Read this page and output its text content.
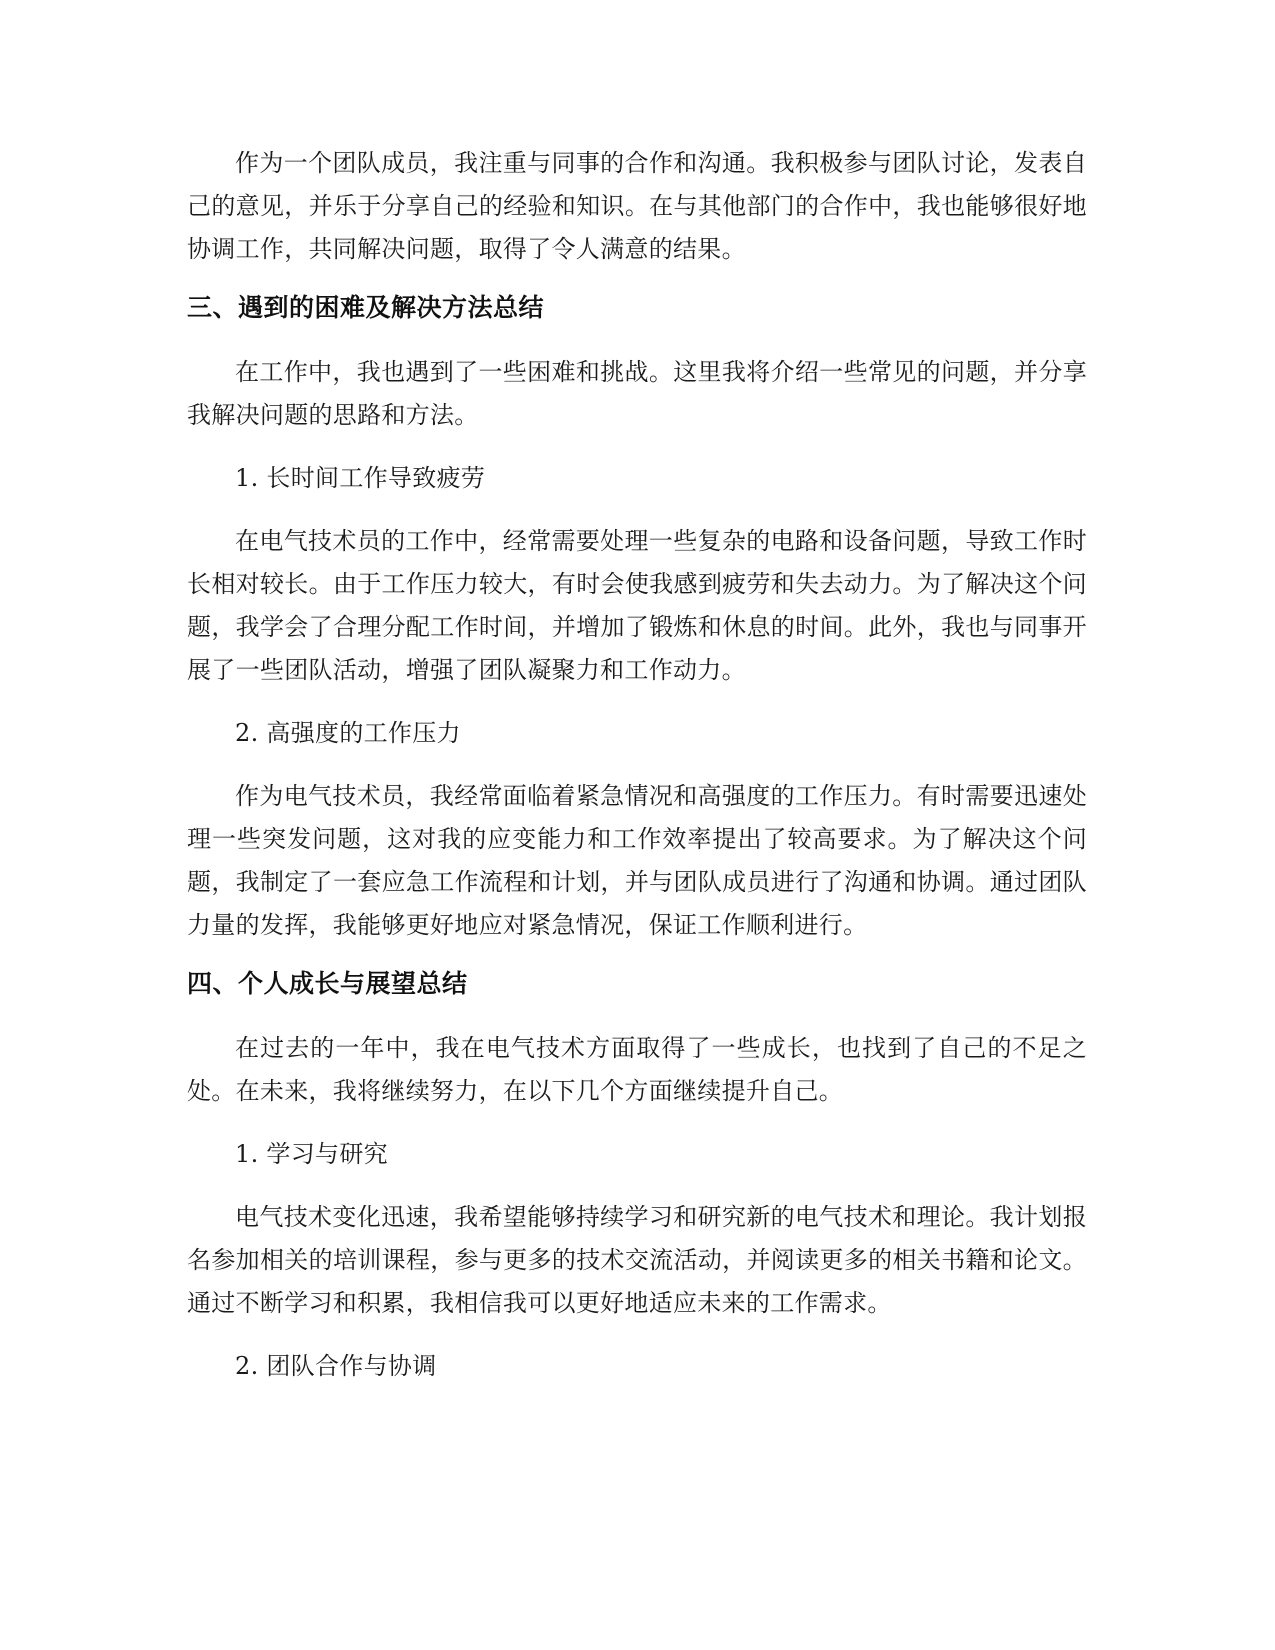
作为一个团队成员，我注重与同事的合作和沟通。我积极参与团队讨论，发表自己的意见，并乐于分享自己的经验和知识。在与其他部门的合作中，我也能够很好地协调工作，共同解决问题，取得了令人满意的结果。

三、遇到的困难及解决方法总结

在工作中，我也遇到了一些困难和挑战。这里我将介绍一些常见的问题，并分享我解决问题的思路和方法。

1. 长时间工作导致疲劳

在电气技术员的工作中，经常需要处理一些复杂的电路和设备问题，导致工作时长相对较长。由于工作压力较大，有时会使我感到疲劳和失去动力。为了解决这个问题，我学会了合理分配工作时间，并增加了锻炼和休息的时间。此外，我也与同事开展了一些团队活动，增强了团队凝聚力和工作动力。

2. 高强度的工作压力

作为电气技术员，我经常面临着紧急情况和高强度的工作压力。有时需要迅速处理一些突发问题，这对我的应变能力和工作效率提出了较高要求。为了解决这个问题，我制定了一套应急工作流程和计划，并与团队成员进行了沟通和协调。通过团队力量的发挥，我能够更好地应对紧急情况，保证工作顺利进行。

四、个人成长与展望总结

在过去的一年中，我在电气技术方面取得了一些成长，也找到了自己的不足之处。在未来，我将继续努力，在以下几个方面继续提升自己。

1. 学习与研究

电气技术变化迅速，我希望能够持续学习和研究新的电气技术和理论。我计划报名参加相关的培训课程，参与更多的技术交流活动，并阅读更多的相关书籍和论文。通过不断学习和积累，我相信我可以更好地适应未来的工作需求。

2. 团队合作与协调
